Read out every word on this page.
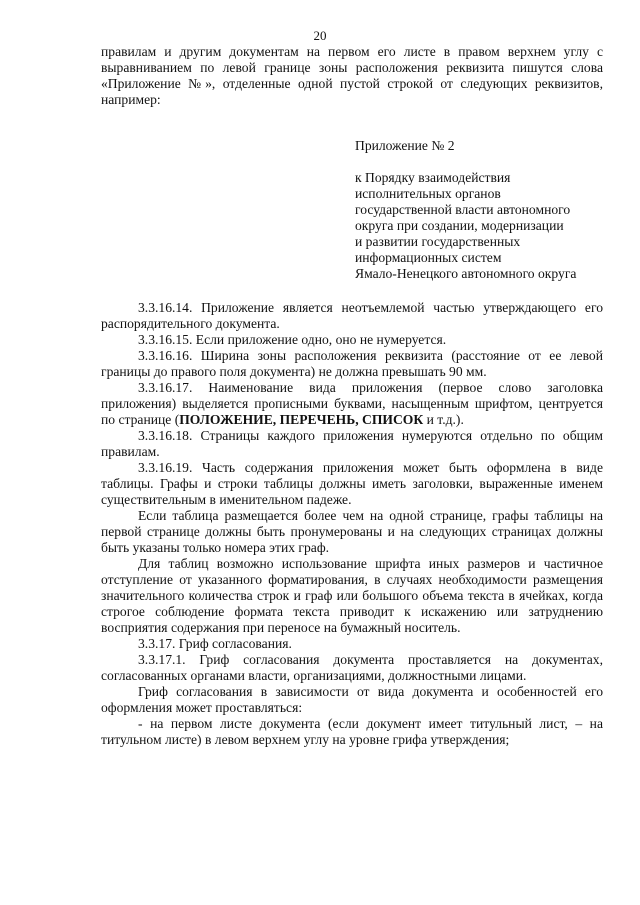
20

правилам и другим документам на первом его листе в правом верхнем углу с выравниванием по левой границе зоны расположения реквизита пишутся слова «Приложение №», отделенные одной пустой строкой от следующих реквизитов, например:

Приложение № 2
к Порядку взаимодействия
исполнительных органов
государственной власти автономного
округа при создании, модернизации
и развитии государственных
информационных систем
Ямало-Ненецкого автономного округа

3.3.16.14. Приложение является неотъемлемой частью утверждающего его распорядительного документа.

3.3.16.15. Если приложение одно, оно не нумеруется.

3.3.16.16. Ширина зоны расположения реквизита (расстояние от ее левой границы до правого поля документа) не должна превышать 90 мм.

3.3.16.17. Наименование вида приложения (первое слово заголовка приложения) выделяется прописными буквами, насыщенным шрифтом, центруется по странице (ПОЛОЖЕНИЕ, ПЕРЕЧЕНЬ, СПИСОК и т.д.).

3.3.16.18. Страницы каждого приложения нумеруются отдельно по общим правилам.

3.3.16.19. Часть содержания приложения может быть оформлена в виде таблицы. Графы и строки таблицы должны иметь заголовки, выраженные именем существительным в именительном падеже.

Если таблица размещается более чем на одной странице, графы таблицы на первой странице должны быть пронумерованы и на следующих страницах должны быть указаны только номера этих граф.

Для таблиц возможно использование шрифта иных размеров и частичное отступление от указанного форматирования, в случаях необходимости размещения значительного количества строк и граф или большого объема текста в ячейках, когда строгое соблюдение формата текста приводит к искажению или затруднению восприятия содержания при переносе на бумажный носитель.

3.3.17. Гриф согласования.

3.3.17.1. Гриф согласования документа проставляется на документах, согласованных органами власти, организациями, должностными лицами.

Гриф согласования в зависимости от вида документа и особенностей его оформления может проставляться:

- на первом листе документа (если документ имеет титульный лист, – на титульном листе) в левом верхнем углу на уровне грифа утверждения;
